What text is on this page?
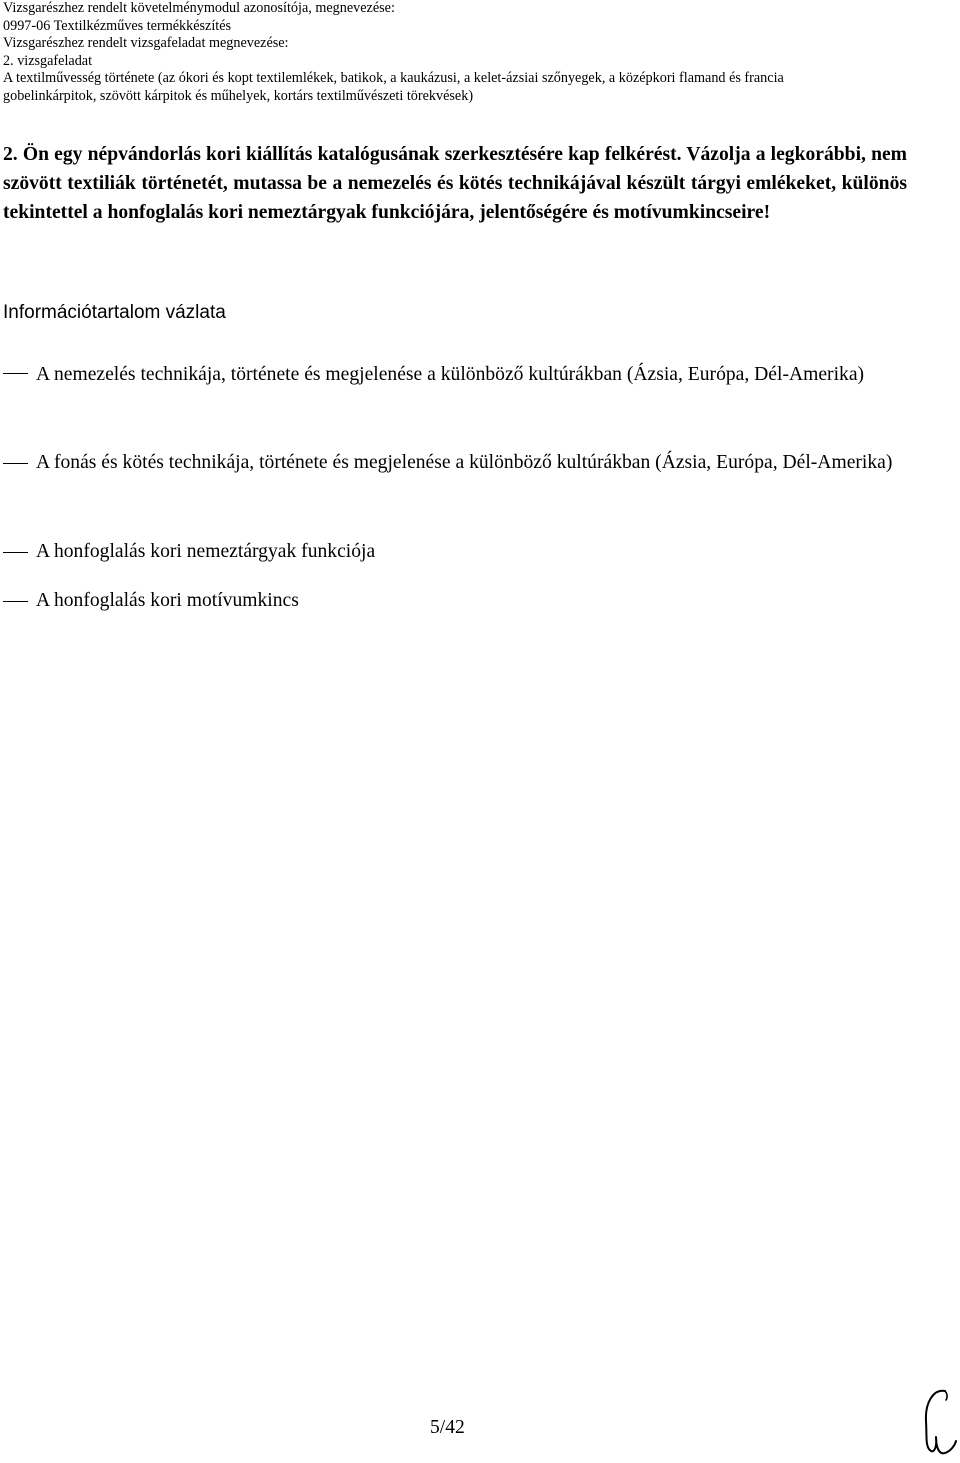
Vizsgarészhez rendelt követelménymodul azonosítója, megnevezése:
0997-06 Textilkézműves termékkészítés
Vizsgarészhez rendelt vizsgafeladat megnevezése:
2. vizsgafeladat
A textilművesség története (az ókori és kopt textilemlékek, batikok, a kaukázusi, a kelet-ázsiai szőnyegek, a középkori flamand és francia
gobelinkárpitok, szövött kárpitok és műhelyek, kortárs textilművészeti törekvések)
2. Ön egy népvándorlás kori kiállítás katalógusának szerkesztésére kap felkérést. Vázolja a legkorábbi, nem szövött textiliák történetét, mutassa be a nemezelés és kötés technikájával készült tárgyi emlékeket, különös tekintettel a honfoglalás kori nemeztárgyak funkciójára, jelentőségére és motívumkincseire!
Információtartalom vázlata
A nemezelés technikája, története és megjelenése a különböző kultúrákban (Ázsia, Európa, Dél-Amerika)
A fonás és kötés technikája, története és megjelenése a különböző kultúrákban (Ázsia, Európa, Dél-Amerika)
A honfoglalás kori nemeztárgyak funkciója
A honfoglalás kori motívumkincs
5/42
